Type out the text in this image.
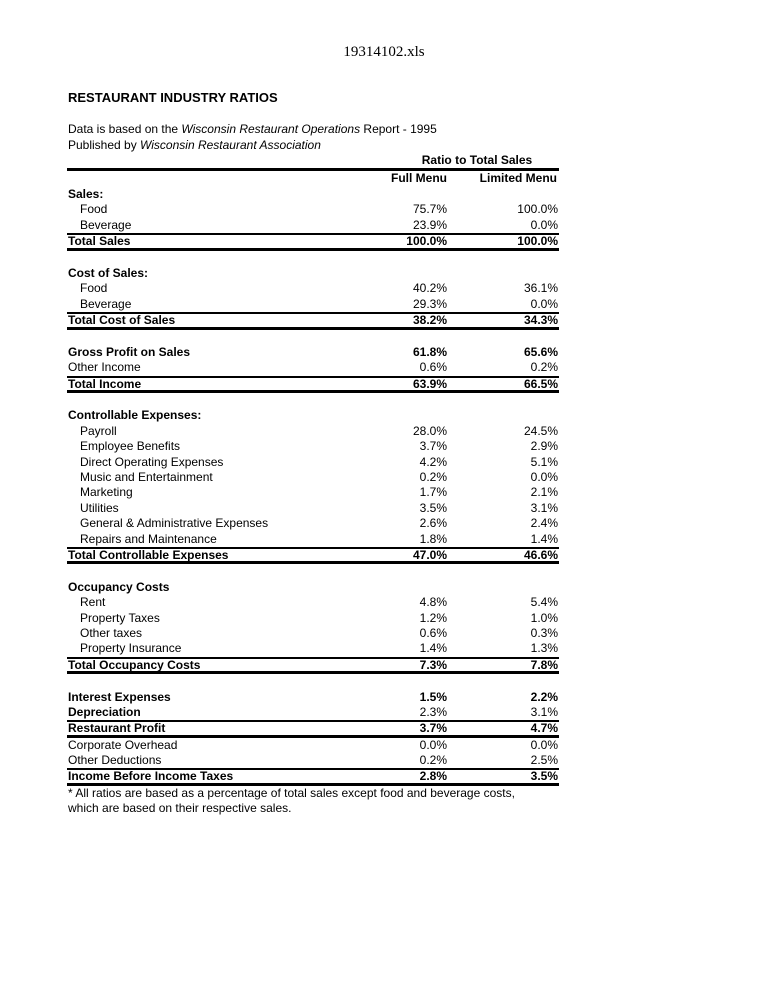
19314102.xls
RESTAURANT INDUSTRY RATIOS
Data is based on the Wisconsin Restaurant Operations Report - 1995
Published by Wisconsin Restaurant Association
Ratio to Total Sales
Full Menu	Limited Menu
Sales:
Food	75.7%	100.0%
Beverage	23.9%	0.0%
Total Sales	100.0%	100.0%
Cost of Sales:
Food	40.2%	36.1%
Beverage	29.3%	0.0%
Total Cost of Sales	38.2%	34.3%
Gross Profit on Sales	61.8%	65.6%
Other Income	0.6%	0.2%
Total Income	63.9%	66.5%
Controllable Expenses:
Payroll	28.0%	24.5%
Employee Benefits	3.7%	2.9%
Direct Operating Expenses	4.2%	5.1%
Music and Entertainment	0.2%	0.0%
Marketing	1.7%	2.1%
Utilities	3.5%	3.1%
General & Administrative Expenses	2.6%	2.4%
Repairs and Maintenance	1.8%	1.4%
Total Controllable Expenses	47.0%	46.6%
Occupancy Costs
Rent	4.8%	5.4%
Property Taxes	1.2%	1.0%
Other taxes	0.6%	0.3%
Property Insurance	1.4%	1.3%
Total Occupancy Costs	7.3%	7.8%
Interest Expenses	1.5%	2.2%
Depreciation	2.3%	3.1%
Restaurant Profit	3.7%	4.7%
Corporate Overhead	0.0%	0.0%
Other Deductions	0.2%	2.5%
Income Before Income Taxes	2.8%	3.5%
* All ratios are based as a percentage of total sales except food and beverage costs,
which are based on their respective sales.
